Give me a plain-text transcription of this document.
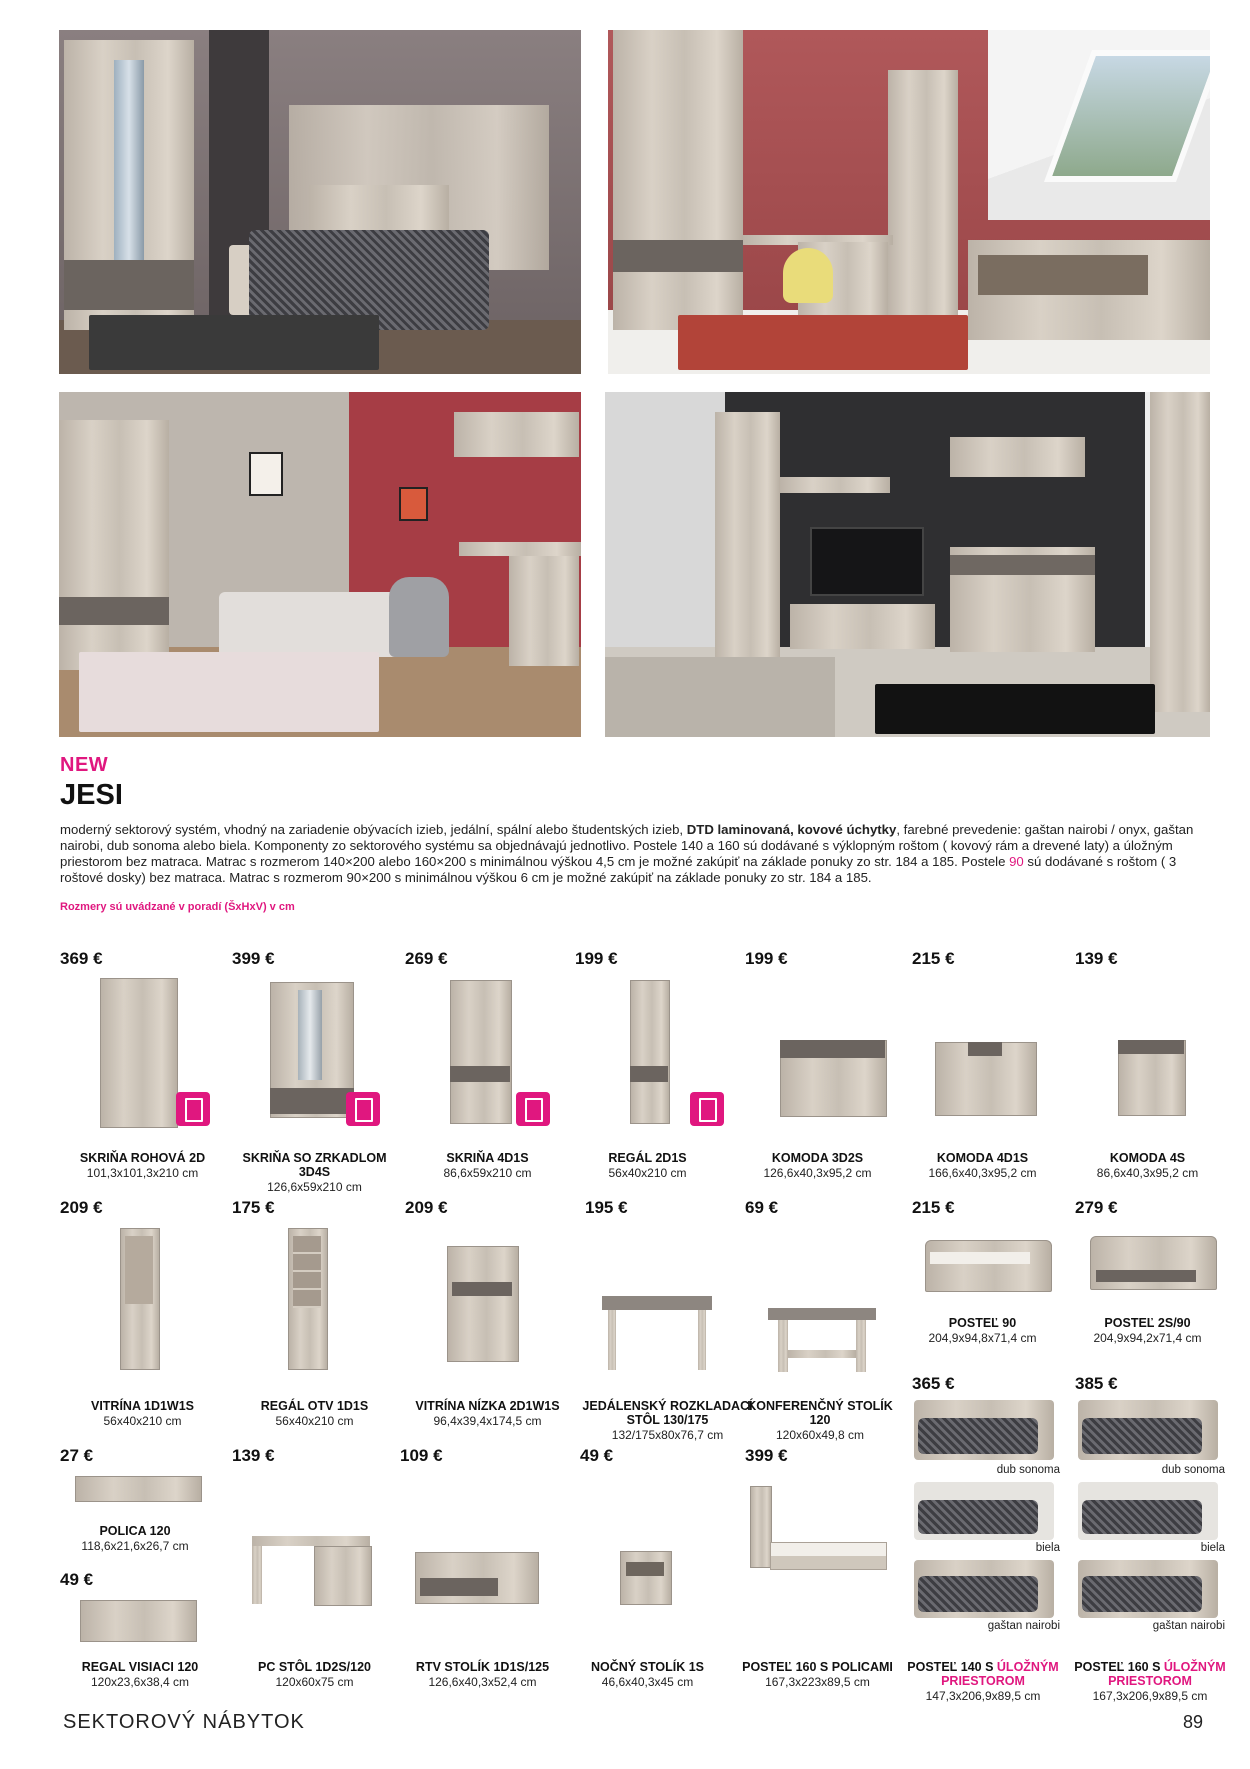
NEW
JESI
moderný sektorový systém, vhodný na zariadenie obývacích izieb, jedální, spální alebo študentských izieb, DTD laminovaná, kovové úchytky, farebné prevedenie: gaštan nairobi / onyx, gaštan nairobi, dub sonoma alebo biela. Komponenty zo sektorového systému sa objednávajú jednotlivo. Postele 140 a 160 sú dodávané s výklopným roštom ( kovový rám a drevené laty) a úložným priestorom bez matraca. Matrac s rozmerom 140×200 alebo 160×200 s minimálnou výškou 4,5 cm je možné zakúpiť na základe ponuky zo str. 184 a 185. Postele 90 sú dodávané s roštom ( 3 roštové dosky) bez matraca. Matrac s rozmerom 90×200 s minimálnou výškou 6 cm je možné zakúpiť na základe ponuky zo str. 184 a 185.
Rozmery sú uvádzané v poradí (ŠxHxV) v cm
369 €
SKRIŇA ROHOVÁ 2D
101,3x101,3x210 cm
399 €
SKRIŇA SO ZRKADLOM 3D4S
126,6x59x210 cm
269 €
SKRIŇA 4D1S
86,6x59x210 cm
199 €
REGÁL 2D1S
56x40x210 cm
199 €
KOMODA 3D2S
126,6x40,3x95,2 cm
215 €
KOMODA 4D1S
166,6x40,3x95,2 cm
139 €
KOMODA 4S
86,6x40,3x95,2 cm
209 €
VITRÍNA 1D1W1S
56x40x210 cm
175 €
REGÁL OTV 1D1S
56x40x210 cm
209 €
VITRÍNA NÍZKA 2D1W1S
96,4x39,4x174,5 cm
195 €
JEDÁLENSKÝ ROZKLADACÍ STÔL 130/175
132/175x80x76,7 cm
69 €
KONFERENČNÝ STOLÍK 120
120x60x49,8 cm
215 €
POSTEĽ 90
204,9x94,8x71,4 cm
279 €
POSTEĽ 2S/90
204,9x94,2x71,4 cm
365 €	385 €
dub sonoma
biela
gaštan nairobi
dub sonoma
biela
gaštan nairobi
27 €
POLICA 120
118,6x21,6x26,7 cm
49 €
REGAL VISIACI 120
120x23,6x38,4 cm
139 €
PC STÔL 1D2S/120
120x60x75 cm
109 €
RTV STOLÍK 1D1S/125
126,6x40,3x52,4 cm
49 €
NOČNÝ STOLÍK 1S
46,6x40,3x45 cm
399 €
POSTEĽ 160 S POLICAMI
167,3x223x89,5 cm
POSTEĽ 140 S ÚLOŽNÝM PRIESTOROM
147,3x206,9x89,5 cm
POSTEĽ 160 S ÚLOŽNÝM PRIESTOROM
167,3x206,9x89,5 cm
SEKTOROVÝ NÁBYTOK	89
